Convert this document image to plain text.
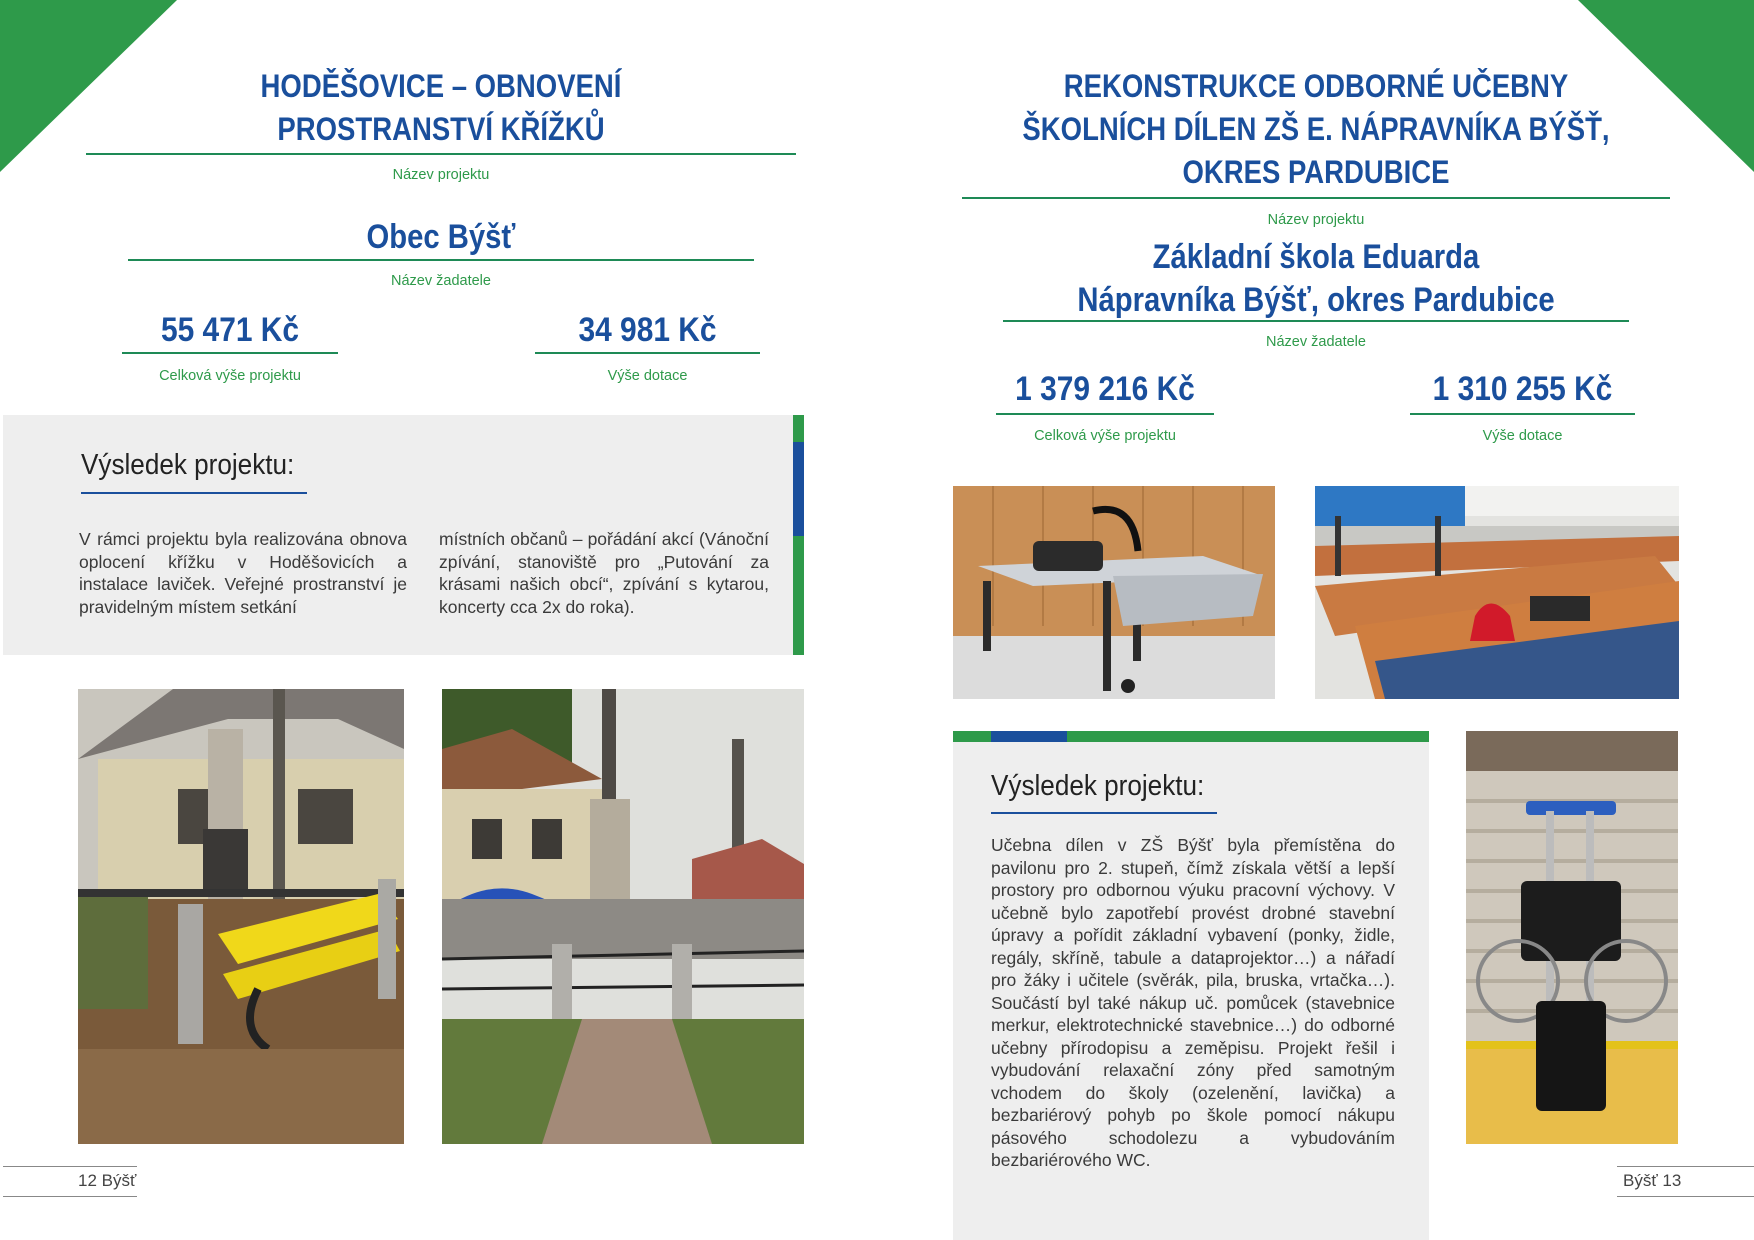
HODĚŠOVICE – OBNOVENÍ
PROSTRANSTVÍ KŘÍŽKŮ
Název projektu
Obec Býšť
Název žadatele
55 471 Kč
Celková výše projektu
34 981 Kč
Výše dotace
Výsledek projektu:
V rámci projektu byla realizována obnova oplocení křížku v Hoděšovicích a instalace laviček. Veřejné prostranství je pravidelným místem setkání
místních občanů – pořádání akcí (Vánoční zpívání, stanoviště pro „Putování za krásami našich obcí“, zpívání s kytarou, koncerty cca 2x do roka).
12 Býšť
REKONSTRUKCE ODBORNÉ UČEBNY
ŠKOLNÍCH DÍLEN ZŠ E. NÁPRAVNÍKA BÝŠŤ,
OKRES PARDUBICE
Název projektu
Základní škola Eduarda
Nápravníka Býšť, okres Pardubice
Název žadatele
1 379 216 Kč
Celková výše projektu
1 310 255 Kč
Výše dotace
Výsledek projektu:
Učebna dílen v ZŠ Býšť byla přemístěna do pavilonu pro 2. stupeň, čímž získala větší a lepší prostory pro odbornou výuku pracovní výchovy. V učebně bylo zapotřebí provést drobné stavební úpravy a pořídit základní vybavení (ponky, židle, regály, skříně, tabule a dataprojektor…) a nářadí pro žáky i učitele (svěrák, pila, bruska, vrtačka…). Součástí byl také nákup uč. pomůcek (stavebnice merkur, elektrotechnické stavebnice…) do odborné učebny přírodopisu a zeměpisu. Projekt řešil i vybudování relaxační zóny před samotným vchodem do školy (ozelenění, lavička) a bezbariérový pohyb po škole pomocí nákupu pásového schodolezu a vybudováním bezbariérového WC.
Býšť 13
